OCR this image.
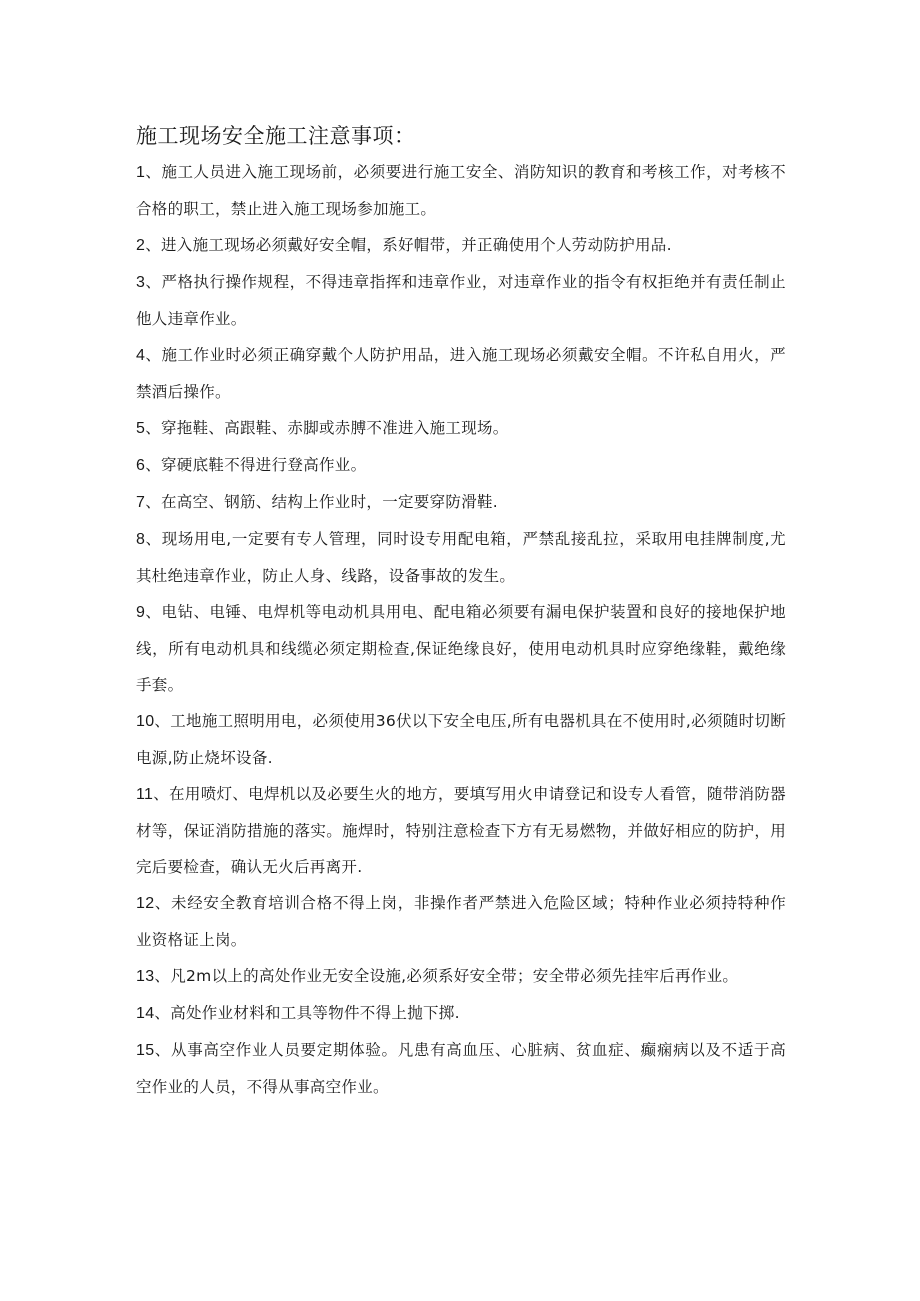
施工现场安全施工注意事项：

1、施工人员进入施工现场前，必须要进行施工安全、消防知识的教育和考核工作，对考核不合格的职工，禁止进入施工现场参加施工。

2、进入施工现场必须戴好安全帽，系好帽带，并正确使用个人劳动防护用品.

3、严格执行操作规程，不得违章指挥和违章作业，对违章作业的指令有权拒绝并有责任制止他人违章作业。

4、施工作业时必须正确穿戴个人防护用品，进入施工现场必须戴安全帽。不许私自用火，严禁酒后操作。

5、穿拖鞋、高跟鞋、赤脚或赤膊不准进入施工现场。

6、穿硬底鞋不得进行登高作业。

7、在高空、钢筋、结构上作业时，一定要穿防滑鞋.

8、现场用电,一定要有专人管理，同时设专用配电箱，严禁乱接乱拉，采取用电挂牌制度,尤其杜绝违章作业，防止人身、线路，设备事故的发生。

9、电钻、电锤、电焊机等电动机具用电、配电箱必须要有漏电保护装置和良好的接地保护地线，所有电动机具和线缆必须定期检查,保证绝缘良好，使用电动机具时应穿绝缘鞋，戴绝缘手套。

10、工地施工照明用电，必须使用36伏以下安全电压,所有电器机具在不使用时,必须随时切断电源,防止烧坏设备.

11、在用喷灯、电焊机以及必要生火的地方，要填写用火申请登记和设专人看管，随带消防器材等，保证消防措施的落实。施焊时，特别注意检查下方有无易燃物，并做好相应的防护，用完后要检查，确认无火后再离开.

12、未经安全教育培训合格不得上岗，非操作者严禁进入危险区域；特种作业必须持特种作业资格证上岗。

13、凡2m以上的高处作业无安全设施,必须系好安全带；安全带必须先挂牢后再作业。

14、高处作业材料和工具等物件不得上抛下掷.

15、从事高空作业人员要定期体验。凡患有高血压、心脏病、贫血症、癫痫病以及不适于高空作业的人员，不得从事高空作业。
